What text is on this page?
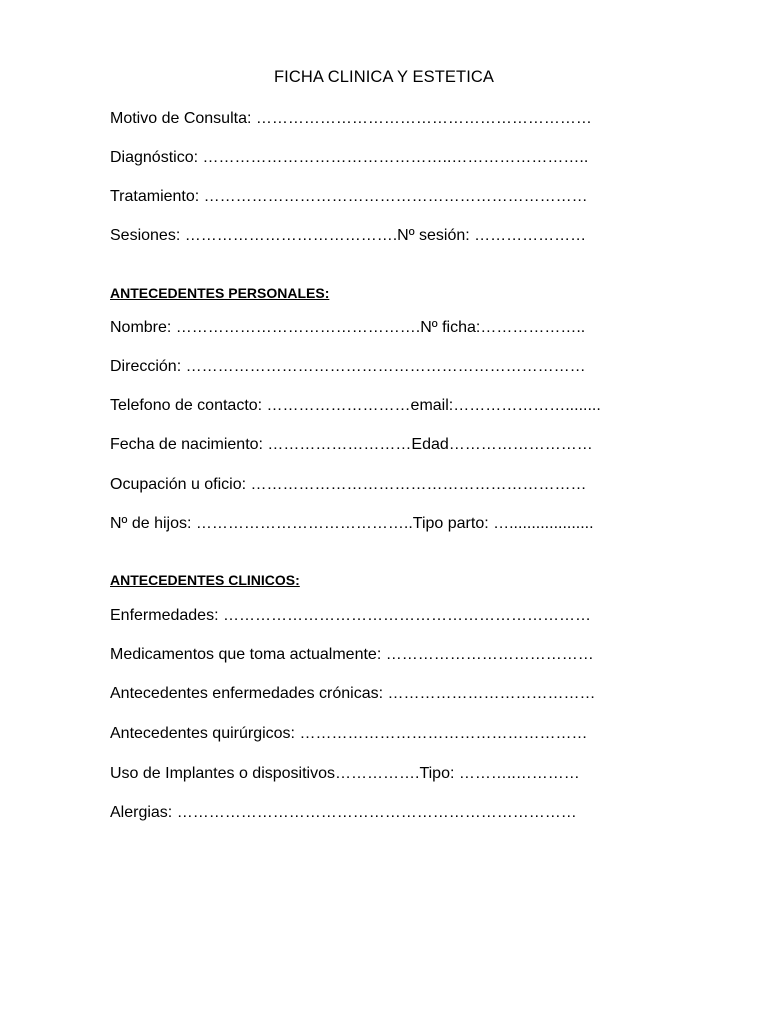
FICHA CLINICA Y ESTETICA
Motivo de Consulta: ………………………………………………………
Diagnóstico: ………………………………………..……………………..
Tratamiento: ………………………………………………………………
Sesiones: ………………………………….Nº sesión: …………………
ANTECEDENTES PERSONALES:
Nombre: ……………………………………….Nº ficha:………………..
Dirección: …………………………………………………………………
Telefono de contacto: ………………………email:…………………........
Fecha de nacimiento: ………………………Edad………………………
Ocupación u oficio: ………………………………………………………
Nº de hijos: …………………………………..Tipo parto: …...................
ANTECEDENTES CLINICOS:
Enfermedades: ……………………………………………………………
Medicamentos que toma actualmente: …………………………………
Antecedentes enfermedades crónicas: …………………………………
Antecedentes quirúrgicos: ………………………………………………
Uso de Implantes o dispositivos…………….Tipo: ………..…………
Alergias: …………………………………………………………………
